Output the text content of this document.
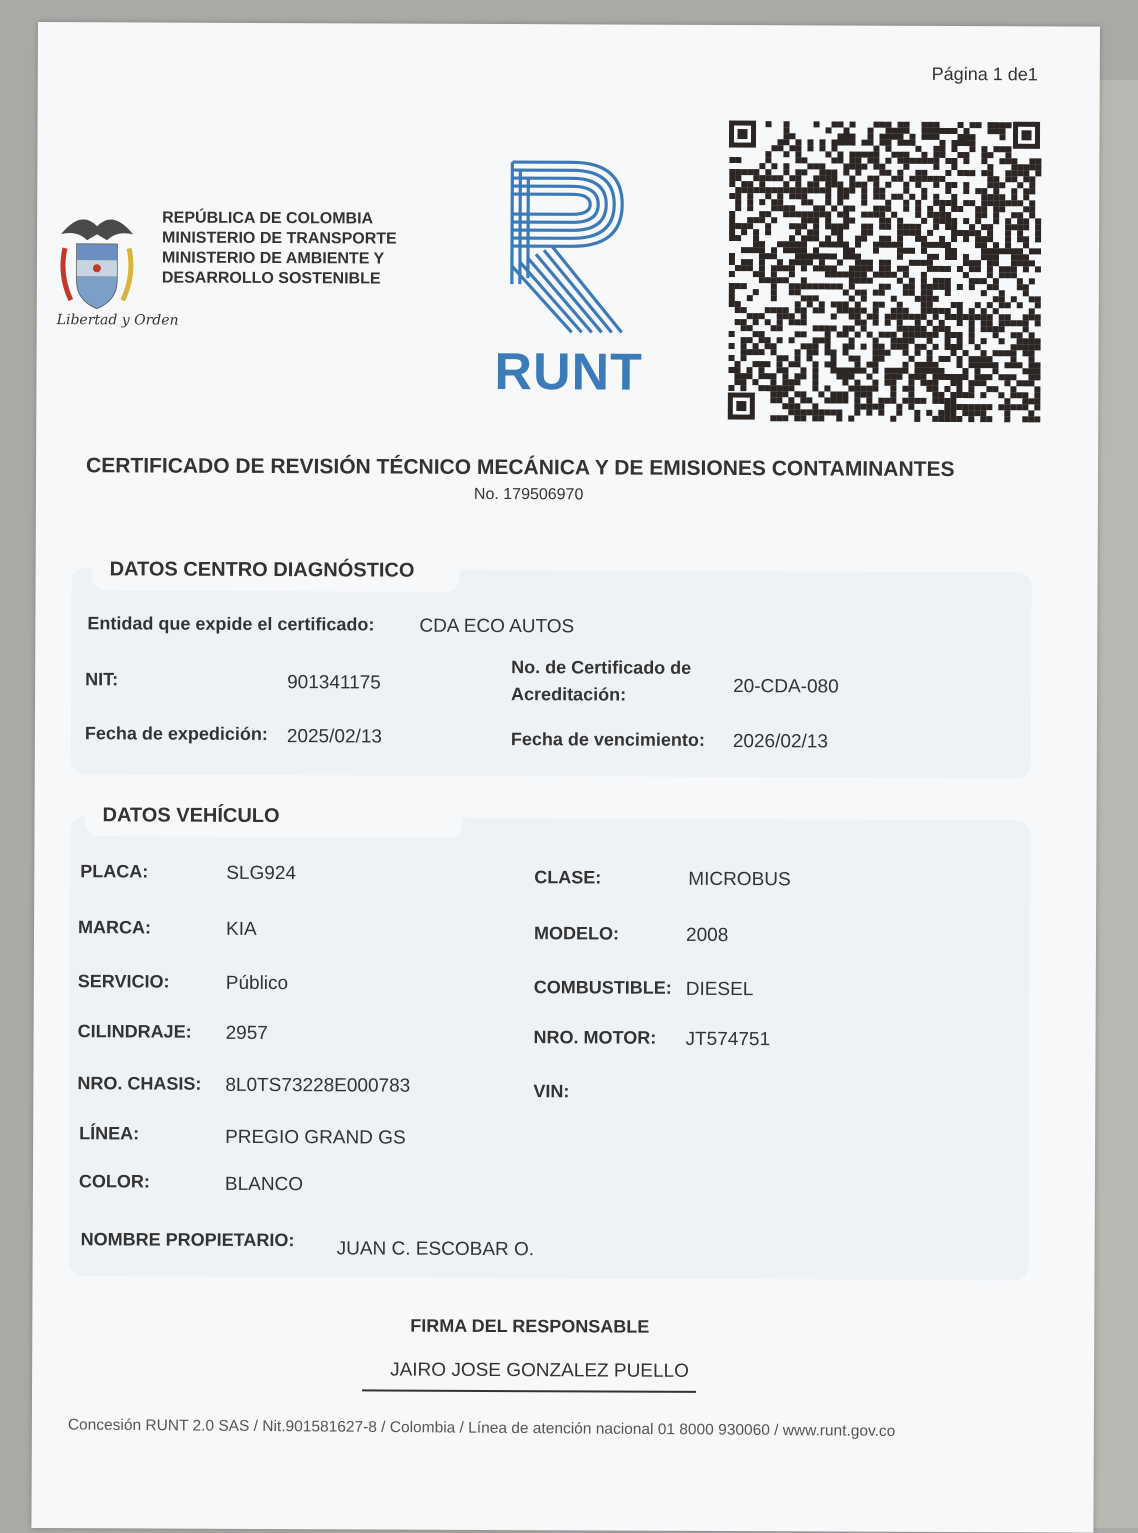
Página 1 de1
Libertad y Orden
REPÚBLICA DE COLOMBIA
MINISTERIO DE TRANSPORTE
MINISTERIO DE AMBIENTE Y
DESARROLLO SOSTENIBLE
RUNT
CERTIFICADO DE REVISIÓN TÉCNICO MECÁNICA Y DE EMISIONES CONTAMINANTES
No. 179506970
DATOS CENTRO DIAGNÓSTICO
Entidad que expide el certificado: CDA ECO AUTOS
NIT:	901341175
No. de Certificado de
Acreditación:	20-CDA-080
Fecha de expedición: 2025/02/13	Fecha de vencimiento: 2026/02/13
DATOS VEHÍCULO
PLACA:	SLG924	CLASE:	MICROBUS
MARCA:	KIA	MODELO:	2008
SERVICIO:	Público	COMBUSTIBLE: DIESEL
CILINDRAJE: 2957	NRO. MOTOR: JT574751
NRO. CHASIS: 8L0TS73228E000783	VIN:
LÍNEA:	PREGIO GRAND GS
COLOR:	BLANCO
NOMBRE PROPIETARIO: JUAN C. ESCOBAR O.
FIRMA DEL RESPONSABLE
JAIRO JOSE GONZALEZ PUELLO
Concesión RUNT 2.0 SAS / Nit.901581627-8 / Colombia / Línea de atención nacional 01 8000 930060 / www.runt.gov.co
